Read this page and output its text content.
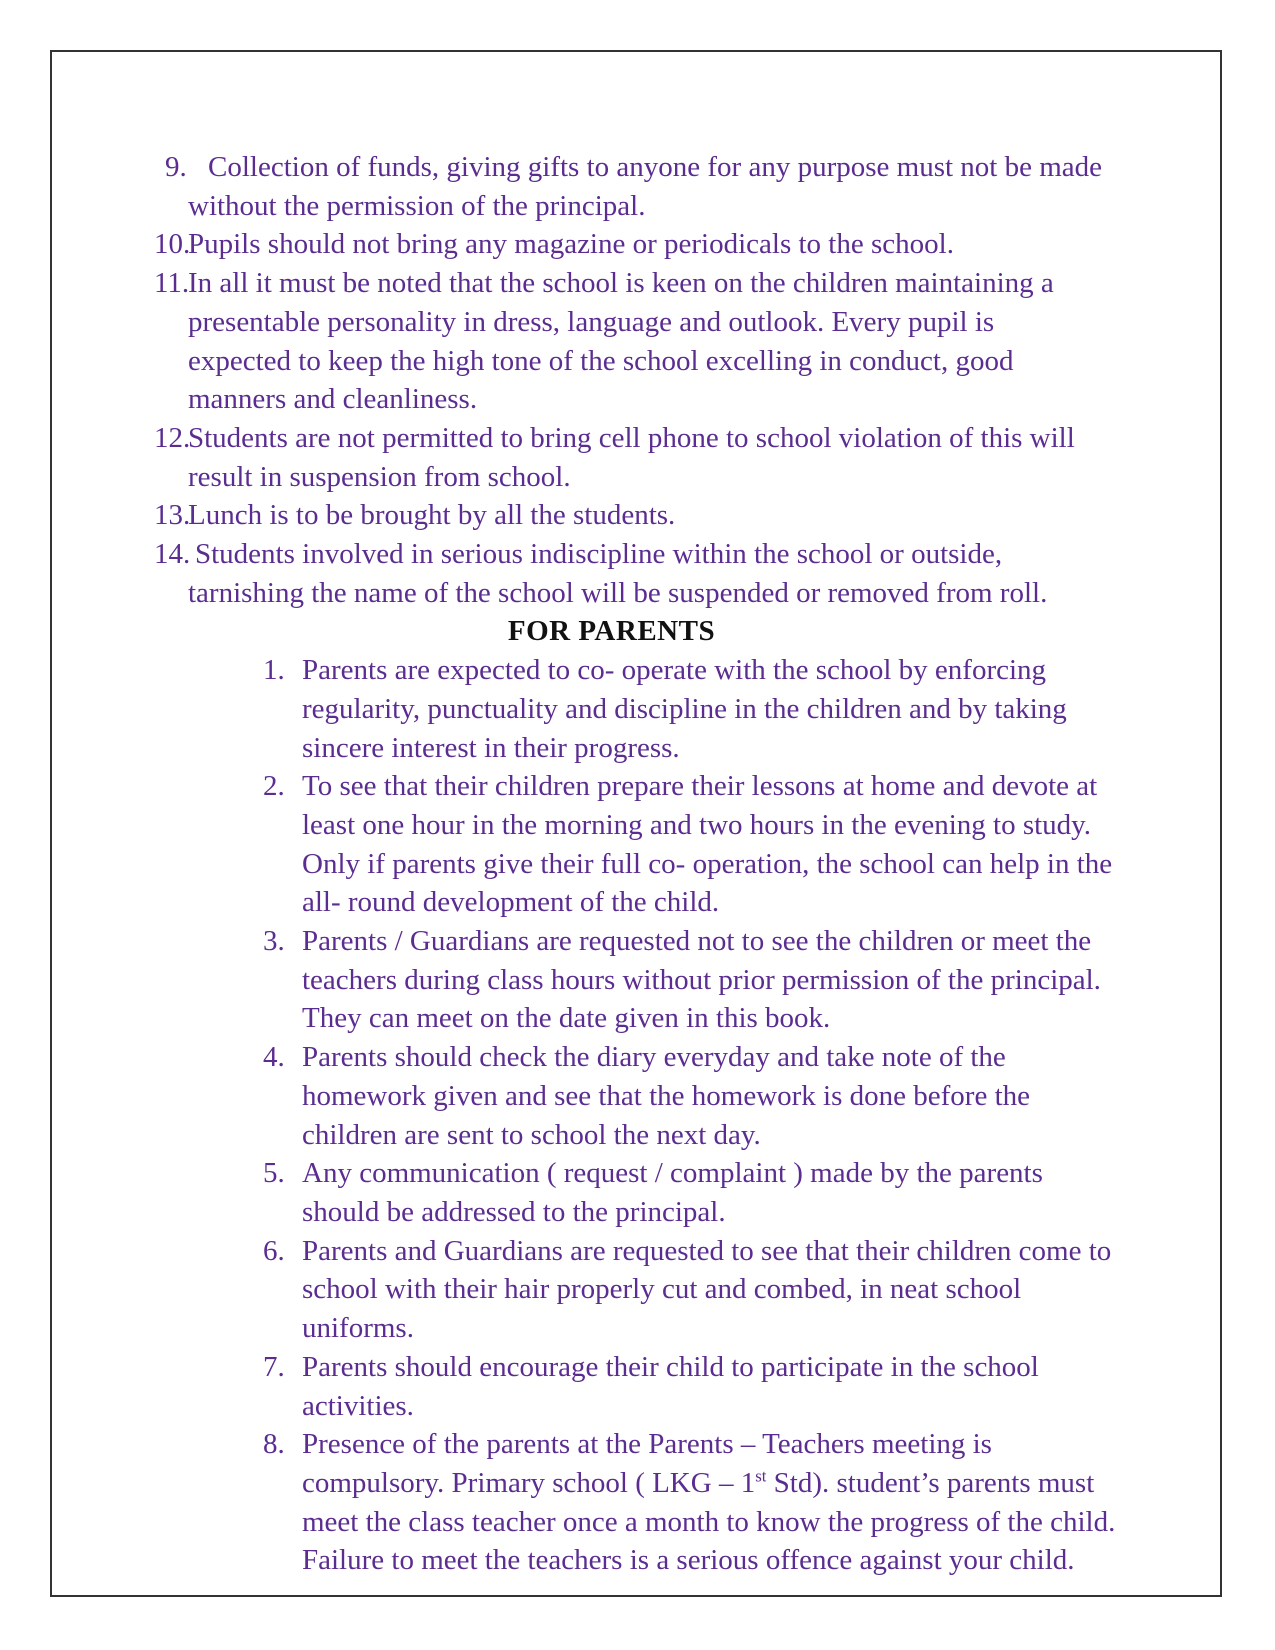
9. Collection of funds, giving gifts to anyone for any purpose must not be made
without the permission of the principal.
10.
Pupils should not bring any magazine or periodicals to the school.
11.
In all it must be noted that the school is keen on the children maintaining a
presentable personality in dress, language and outlook. Every pupil is
expected to keep the high tone of the school excelling in conduct, good
manners and cleanliness.
12.
Students are not permitted to bring cell phone to school violation of this will
result in suspension from school.
13.
Lunch is to be brought by all the students.
14. Students involved in serious indiscipline within the school or outside,
tarnishing the name of the school will be suspended or removed from roll.
FOR PARENTS
1. Parents are expected to co- operate with the school by enforcing
regularity, punctuality and discipline in the children and by taking
sincere interest in their progress.
2. To see that their children prepare their lessons at home and devote at
least one hour in the morning and two hours in the evening to study.
Only if parents give their full co- operation, the school can help in the
all- round development of the child.
3. Parents / Guardians are requested not to see the children or meet the
teachers during class hours without prior permission of the principal.
They can meet on the date given in this book.
4. Parents should check the diary everyday and take note of the
homework given and see that the homework is done before the
children are sent to school the next day.
5. Any communication ( request / complaint ) made by the parents
should be addressed to the principal.
6. Parents and Guardians are requested to see that their children come to
school with their hair properly cut and combed, in neat school
uniforms.
7. Parents should encourage their child to participate in the school
activities.
8. Presence of the parents at the Parents – Teachers meeting is
compulsory. Primary school ( LKG – 1st Std). student’s parents must
meet the class teacher once a month to know the progress of the child.
Failure to meet the teachers is a serious offence against your child.
